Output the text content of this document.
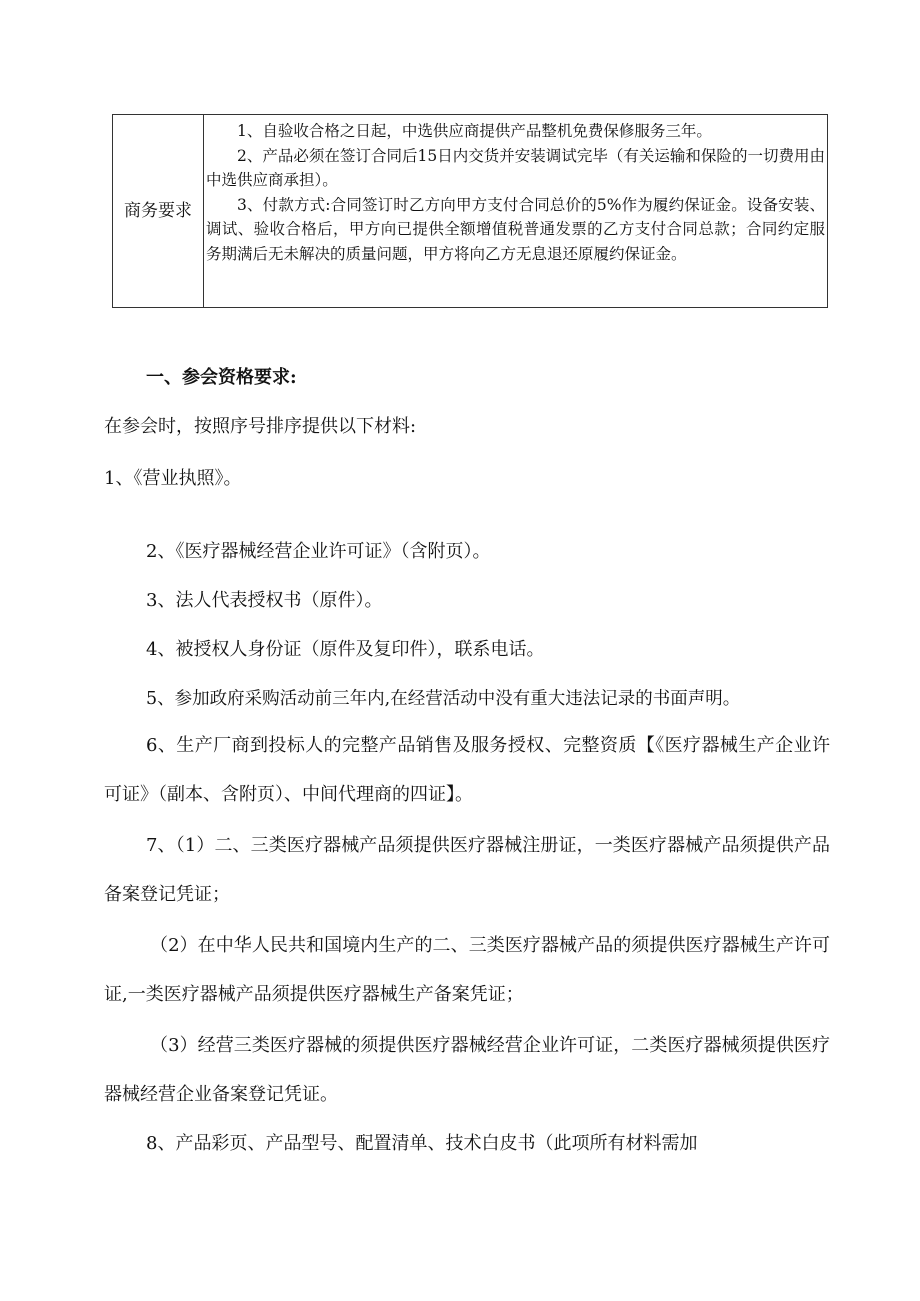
商务要求

1、自验收合格之日起，中选供应商提供产品整机免费保修服务三年。

2、产品必须在签订合同后15日内交货并安装调试完毕（有关运输和保险的一切费用由中选供应商承担）。

3、付款方式:合同签订时乙方向甲方支付合同总价的5%作为履约保证金。设备安装、调试、验收合格后，甲方向已提供全额增值税普通发票的乙方支付合同总款；合同约定服务期满后无未解决的质量问题，甲方将向乙方无息退还原履约保证金。

一、参会资格要求:
在参会时，按照序号排序提供以下材料:
1、《营业执照》。
2、《医疗器械经营企业许可证》（含附页）。
3、法人代表授权书（原件）。
4、被授权人身份证（原件及复印件），联系电话。
5、参加政府采购活动前三年内,在经营活动中没有重大违法记录的书面声明。
6、生产厂商到投标人的完整产品销售及服务授权、完整资质【《医疗器械生产企业许可证》（副本、含附页）、中间代理商的四证】。
7、（1）二、三类医疗器械产品须提供医疗器械注册证，一类医疗器械产品须提供产品备案登记凭证；
（2）在中华人民共和国境内生产的二、三类医疗器械产品的须提供医疗器械生产许可证,一类医疗器械产品须提供医疗器械生产备案凭证；
（3）经营三类医疗器械的须提供医疗器械经营企业许可证，二类医疗器械须提供医疗器械经营企业备案登记凭证。
8、产品彩页、产品型号、配置清单、技术白皮书（此项所有材料需加
